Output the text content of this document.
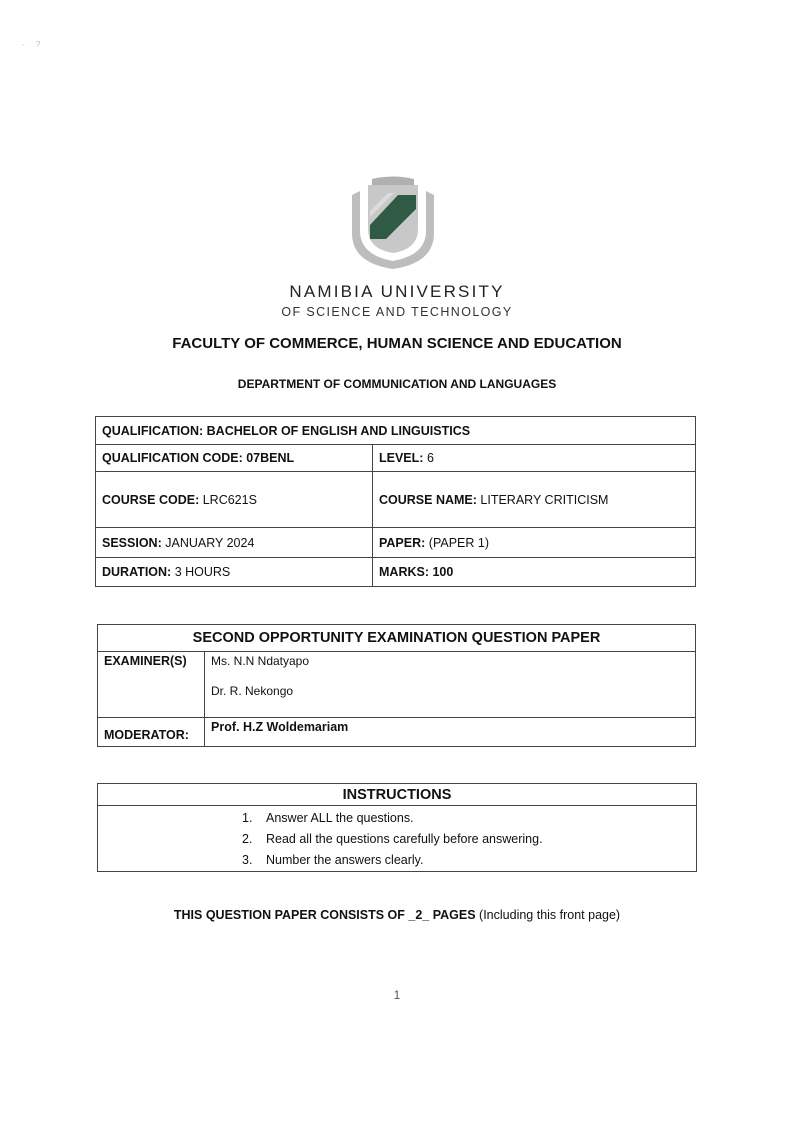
-     ?
NAMIBIA UNIVERSITY
OF SCIENCE AND TECHNOLOGY
FACULTY OF COMMERCE, HUMAN SCIENCE AND EDUCATION
DEPARTMENT OF COMMUNICATION AND LANGUAGES
QUALIFICATION: BACHELOR OF ENGLISH AND LINGUISTICS	
QUALIFICATION CODE: 07BENL	LEVEL: 6
COURSE CODE: LRC621S	COURSE NAME: LITERARY CRITICISM
SESSION: JANUARY 2024	PAPER: (PAPER 1)
DURATION: 3 HOURS	MARKS: 100
SECOND OPPORTUNITY EXAMINATION QUESTION PAPER	
EXAMINER(S)	Ms. N.N Ndatyapo
Dr. R. Nekongo

MODERATOR:	Prof. H.Z Woldemariam
INSTRUCTIONS
1. Answer ALL the questions.
2. Read all the questions carefully before answering.
3. Number the answers clearly.
THIS QUESTION PAPER CONSISTS OF _2_ PAGES (Including this front page)
1
